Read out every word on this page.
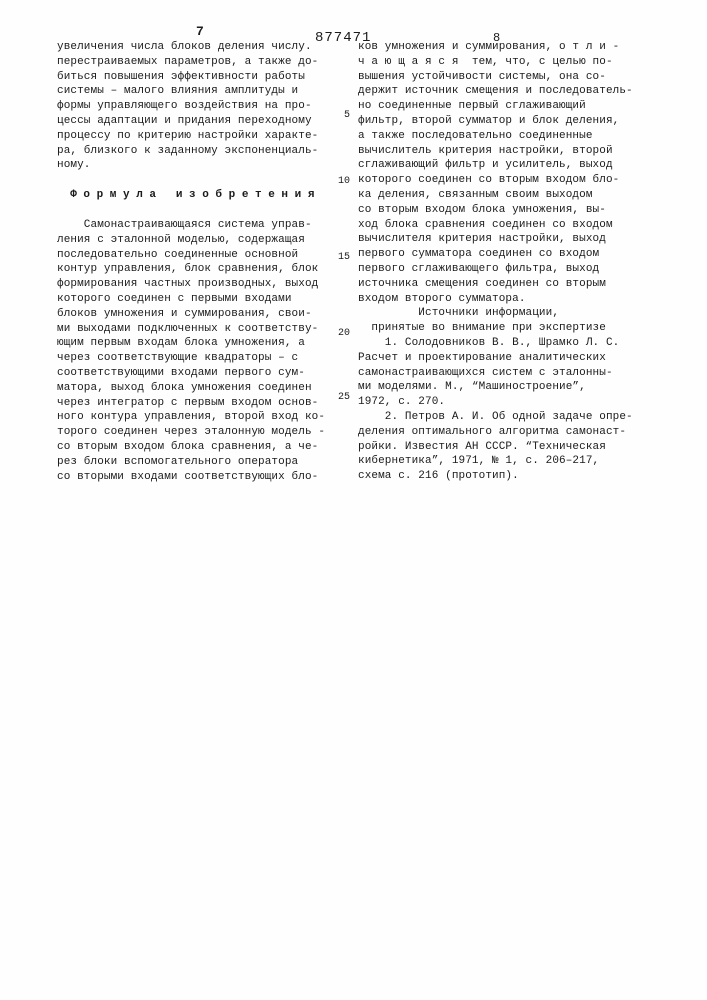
7	877471	8
5
10
15
20
25
увеличения числа блоков деления числу.
перестраиваемых параметров, а также до-
биться повышения эффективности работы
системы – малого влияния амплитуды и
формы управляющего воздействия на про-
цессы адаптации и придания переходному
процессу по критерию настройки характе-
ра, близкого к заданному экспоненциаль-
ному.
Ф о р м у л а   и з о б р е т е н и я
Самонастраивающаяся система управ-
ления с эталонной моделью, содержащая
последовательно соединенные основной
контур управления, блок сравнения, блок
формирования частных производных, выход
которого соединен с первыми входами
блоков умножения и суммирования, свои-
ми выходами подключенных к соответству-
ющим первым входам блока умножения, а
через соответствующие квадраторы – с
соответствующими входами первого сум-
матора, выход блока умножения соединен
через интегратор с первым входом основ-
ного контура управления, второй вход ко-
торого соединен через эталонную модель -
со вторым входом блока сравнения, а че-
рез блоки вспомогательного оператора
со вторыми входами соответствующих бло-
ков умножения и суммирования, о т л и -
ч а ю щ а я с я  тем, что, с целью по-
вышения устойчивости системы, она со-
держит источник смещения и последователь-
но соединенные первый сглаживающий
фильтр, второй сумматор и блок деления,
а также последовательно соединенные
вычислитель критерия настройки, второй
сглаживающий фильтр и усилитель, выход
которого соединен со вторым входом бло-
ка деления, связанным своим выходом
со вторым входом блока умножения, вы-
ход блока сравнения соединен со входом
вычислителя критерия настройки, выход
первого сумматора соединен со входом
первого сглаживающего фильтра, выход
источника смещения соединен со вторым
входом второго сумматора.
Источники информации,
принятые во внимание при экспертизе
1. Солодовников В. В., Шрамко Л. С.
Расчет и проектирование аналитических
самонастраивающихся систем с эталонны-
ми моделями. М., “Машиностроение”,
1972, с. 270.
2. Петров А. И. Об одной задаче опре-
деления оптимального алгоритма самонаст-
ройки. Известия АН СССР. “Техническая
кибернетика”, 1971, № 1, с. 206–217,
схема с. 216 (прототип).
